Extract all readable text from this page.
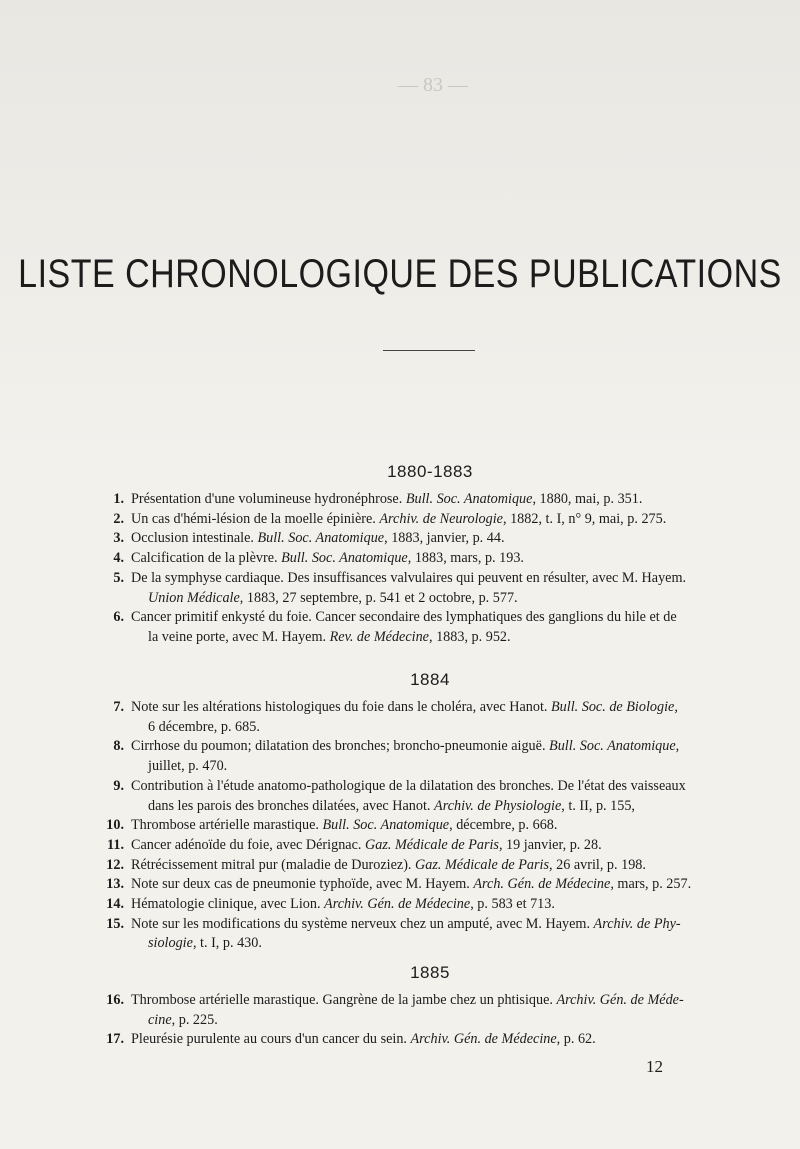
— 83 —
LISTE CHRONOLOGIQUE DES PUBLICATIONS
1880-1883
1. Présentation d'une volumineuse hydronéphrose. Bull. Soc. Anatomique, 1880, mai, p. 351.
2. Un cas d'hémi-lésion de la moelle épinière. Archiv. de Neurologie, 1882, t. I, n° 9, mai, p. 275.
3. Occlusion intestinale. Bull. Soc. Anatomique, 1883, janvier, p. 44.
4. Calcification de la plèvre. Bull. Soc. Anatomique, 1883, mars, p. 193.
5. De la symphyse cardiaque. Des insuffisances valvulaires qui peuvent en résulter, avec M. Hayem.
Union Médicale, 1883, 27 septembre, p. 541 et 2 octobre, p. 577.
6. Cancer primitif enkysté du foie. Cancer secondaire des lymphatiques des ganglions du hile et de
la veine porte, avec M. Hayem. Rev. de Médecine, 1883, p. 952.
1884
7. Note sur les altérations histologiques du foie dans le choléra, avec Hanot. Bull. Soc. de Biologie,
6 décembre, p. 685.
8. Cirrhose du poumon; dilatation des bronches; broncho-pneumonie aiguë. Bull. Soc. Anatomique,
juillet, p. 470.
9. Contribution à l'étude anatomo-pathologique de la dilatation des bronches. De l'état des vaisseaux
dans les parois des bronches dilatées, avec Hanot. Archiv. de Physiologie, t. II, p. 155,
10. Thrombose artérielle marastique. Bull. Soc. Anatomique, décembre, p. 668.
11. Cancer adénoïde du foie, avec Dérignac. Gaz. Médicale de Paris, 19 janvier, p. 28.
12. Rétrécissement mitral pur (maladie de Duroziez). Gaz. Médicale de Paris, 26 avril, p. 198.
13. Note sur deux cas de pneumonie typhoïde, avec M. Hayem. Arch. Gén. de Médecine, mars, p. 257.
14. Hématologie clinique, avec Lion. Archiv. Gén. de Médecine, p. 583 et 713.
15. Note sur les modifications du système nerveux chez un amputé, avec M. Hayem. Archiv. de Phy-
siologie, t. I, p. 430.
1885
16. Thrombose artérielle marastique. Gangrène de la jambe chez un phtisique. Archiv. Gén. de Méde-
cine, p. 225.
17. Pleurésie purulente au cours d'un cancer du sein. Archiv. Gén. de Médecine, p. 62.
12
